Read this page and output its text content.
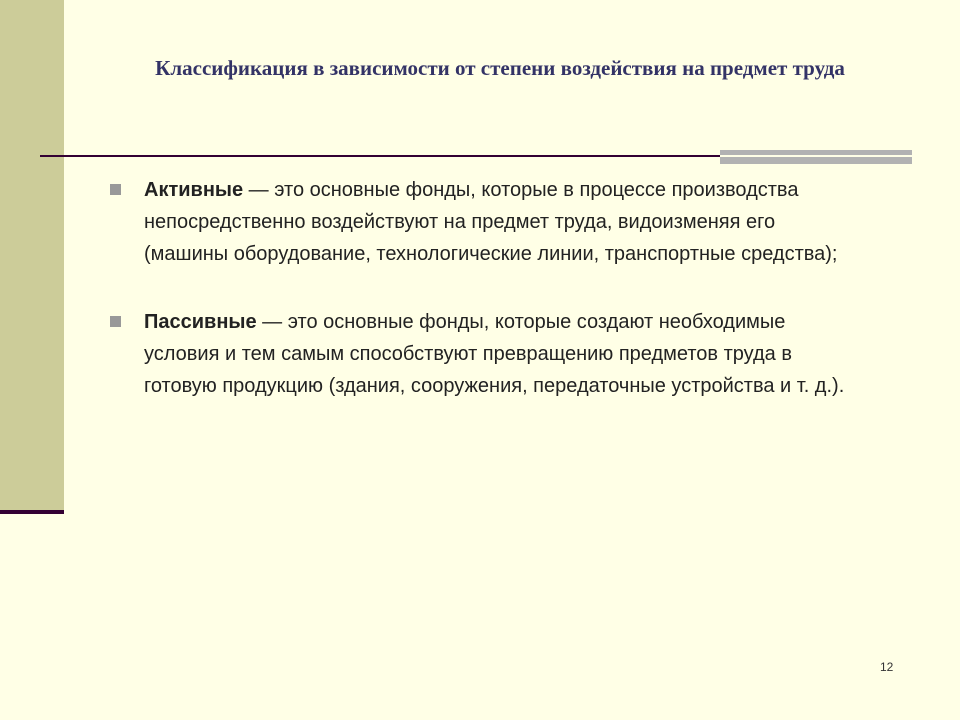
Классификация в зависимости от степени воздействия на предмет труда
Активные — это основные фонды, которые в процессе производства непосредственно воздействуют на предмет труда, видоизменяя его (машины оборудование, технологические линии, транспортные средства);
Пассивные — это основные фонды, которые создают необходимые условия и тем самым способствуют превращению предметов труда в готовую продукцию (здания, сооружения, передаточные устройства и т. д.).
12
